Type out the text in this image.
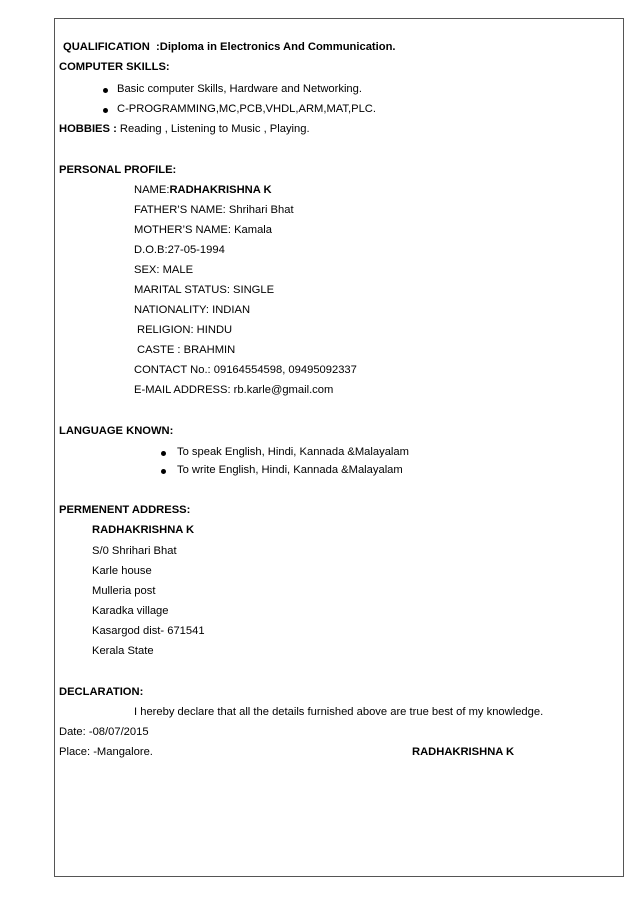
QUALIFICATION :Diploma in Electronics And Communication.
COMPUTER SKILLS:
Basic computer Skills, Hardware and Networking.
C-PROGRAMMING,MC,PCB,VHDL,ARM,MAT,PLC.
HOBBIES : Reading , Listening to Music , Playing.
PERSONAL PROFILE:
NAME:RADHAKRISHNA K
FATHER’S NAME: Shrihari Bhat
MOTHER’S NAME: Kamala
D.O.B:27-05-1994
SEX: MALE
MARITAL STATUS: SINGLE
NATIONALITY: INDIAN
RELIGION: HINDU
CASTE : BRAHMIN
CONTACT No.: 09164554598, 09495092337
E-MAIL ADDRESS: rb.karle@gmail.com
LANGUAGE KNOWN:
To speak English, Hindi, Kannada &Malayalam
To write English, Hindi, Kannada &Malayalam
PERMENENT ADDRESS:
RADHAKRISHNA K
S/0 Shrihari Bhat
Karle house
Mulleria post
Karadka village
Kasargod dist- 671541
Kerala State
DECLARATION:
I hereby declare that all the details furnished above are true best of my knowledge.
Date: -08/07/2015
Place: -Mangalore.	RADHAKRISHNA K
